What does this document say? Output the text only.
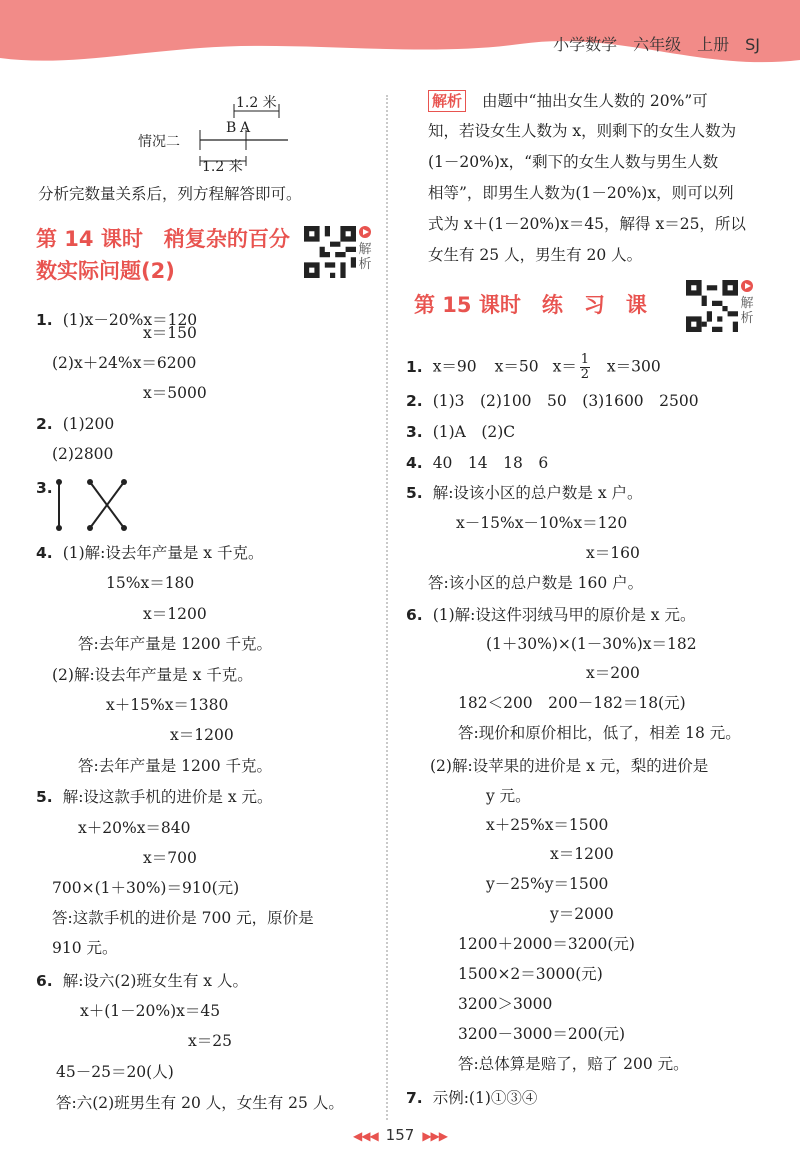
小学数学 六年级 上册 SJ
1.2 米
情况二
B A
1.2 米
分析完数量关系后，列方程解答即可。
第 14 课时　稍复杂的百分
数实际问题(2)
解析
1. (1)x－20%x＝120
x＝150
(2)x＋24%x＝6200
x＝5000
2. (1)200
(2)2800
3.
4. (1)解:设去年产量是 x 千克。
15%x＝180
x＝1200
答:去年产量是 1200 千克。
(2)解:设去年产量是 x 千克。
x＋15%x＝1380
x＝1200
答:去年产量是 1200 千克。
5. 解:设这款手机的进价是 x 元。
x＋20%x＝840
x＝700
700×(1＋30%)＝910(元)
答:这款手机的进价是 700 元，原价是
910 元。
6. 解:设六(2)班女生有 x 人。
x＋(1－20%)x＝45
x＝25
45－25＝20(人)
答:六(2)班男生有 20 人，女生有 25 人。
解析 由题中“抽出女生人数的 20%”可
知，若设女生人数为 x，则剩下的女生人数为
(1－20%)x，“剩下的女生人数与男生人数
相等”，即男生人数为(1－20%)x，则可以列
式为 x＋(1－20%)x＝45，解得 x＝25，所以
女生有 25 人，男生有 20 人。
第 15 课时　练　习　课	解析
1. x＝90 x＝50 $x= \frac{1}{2} x=300$
2. (1)3　(2)100　50　(3)1600　2500
3. (1)A　(2)C
4. 40　14　18　6
5. 解:设该小区的总户数是 x 户。
x－15%x－10%x＝120
x＝160
答:该小区的总户数是 160 户。
6. (1)解:设这件羽绒马甲的原价是 x 元。
(1＋30%)×(1－30%)x＝182
x＝200
182＜200　200－182＝18(元)
答:现价和原价相比，低了，相差 18 元。
(2)解:设苹果的进价是 x 元，梨的进价是
y 元。
x＋25%x＝1500
x＝1200
y－25%y＝1500
y＝2000
1200＋2000＝3200(元)
1500×2＝3000(元)
3200＞3000
3200－3000＝200(元)
答:总体算是赔了，赔了 200 元。
7. 示例:(1)①③④
◀◀◀ 157 ▶▶▶
